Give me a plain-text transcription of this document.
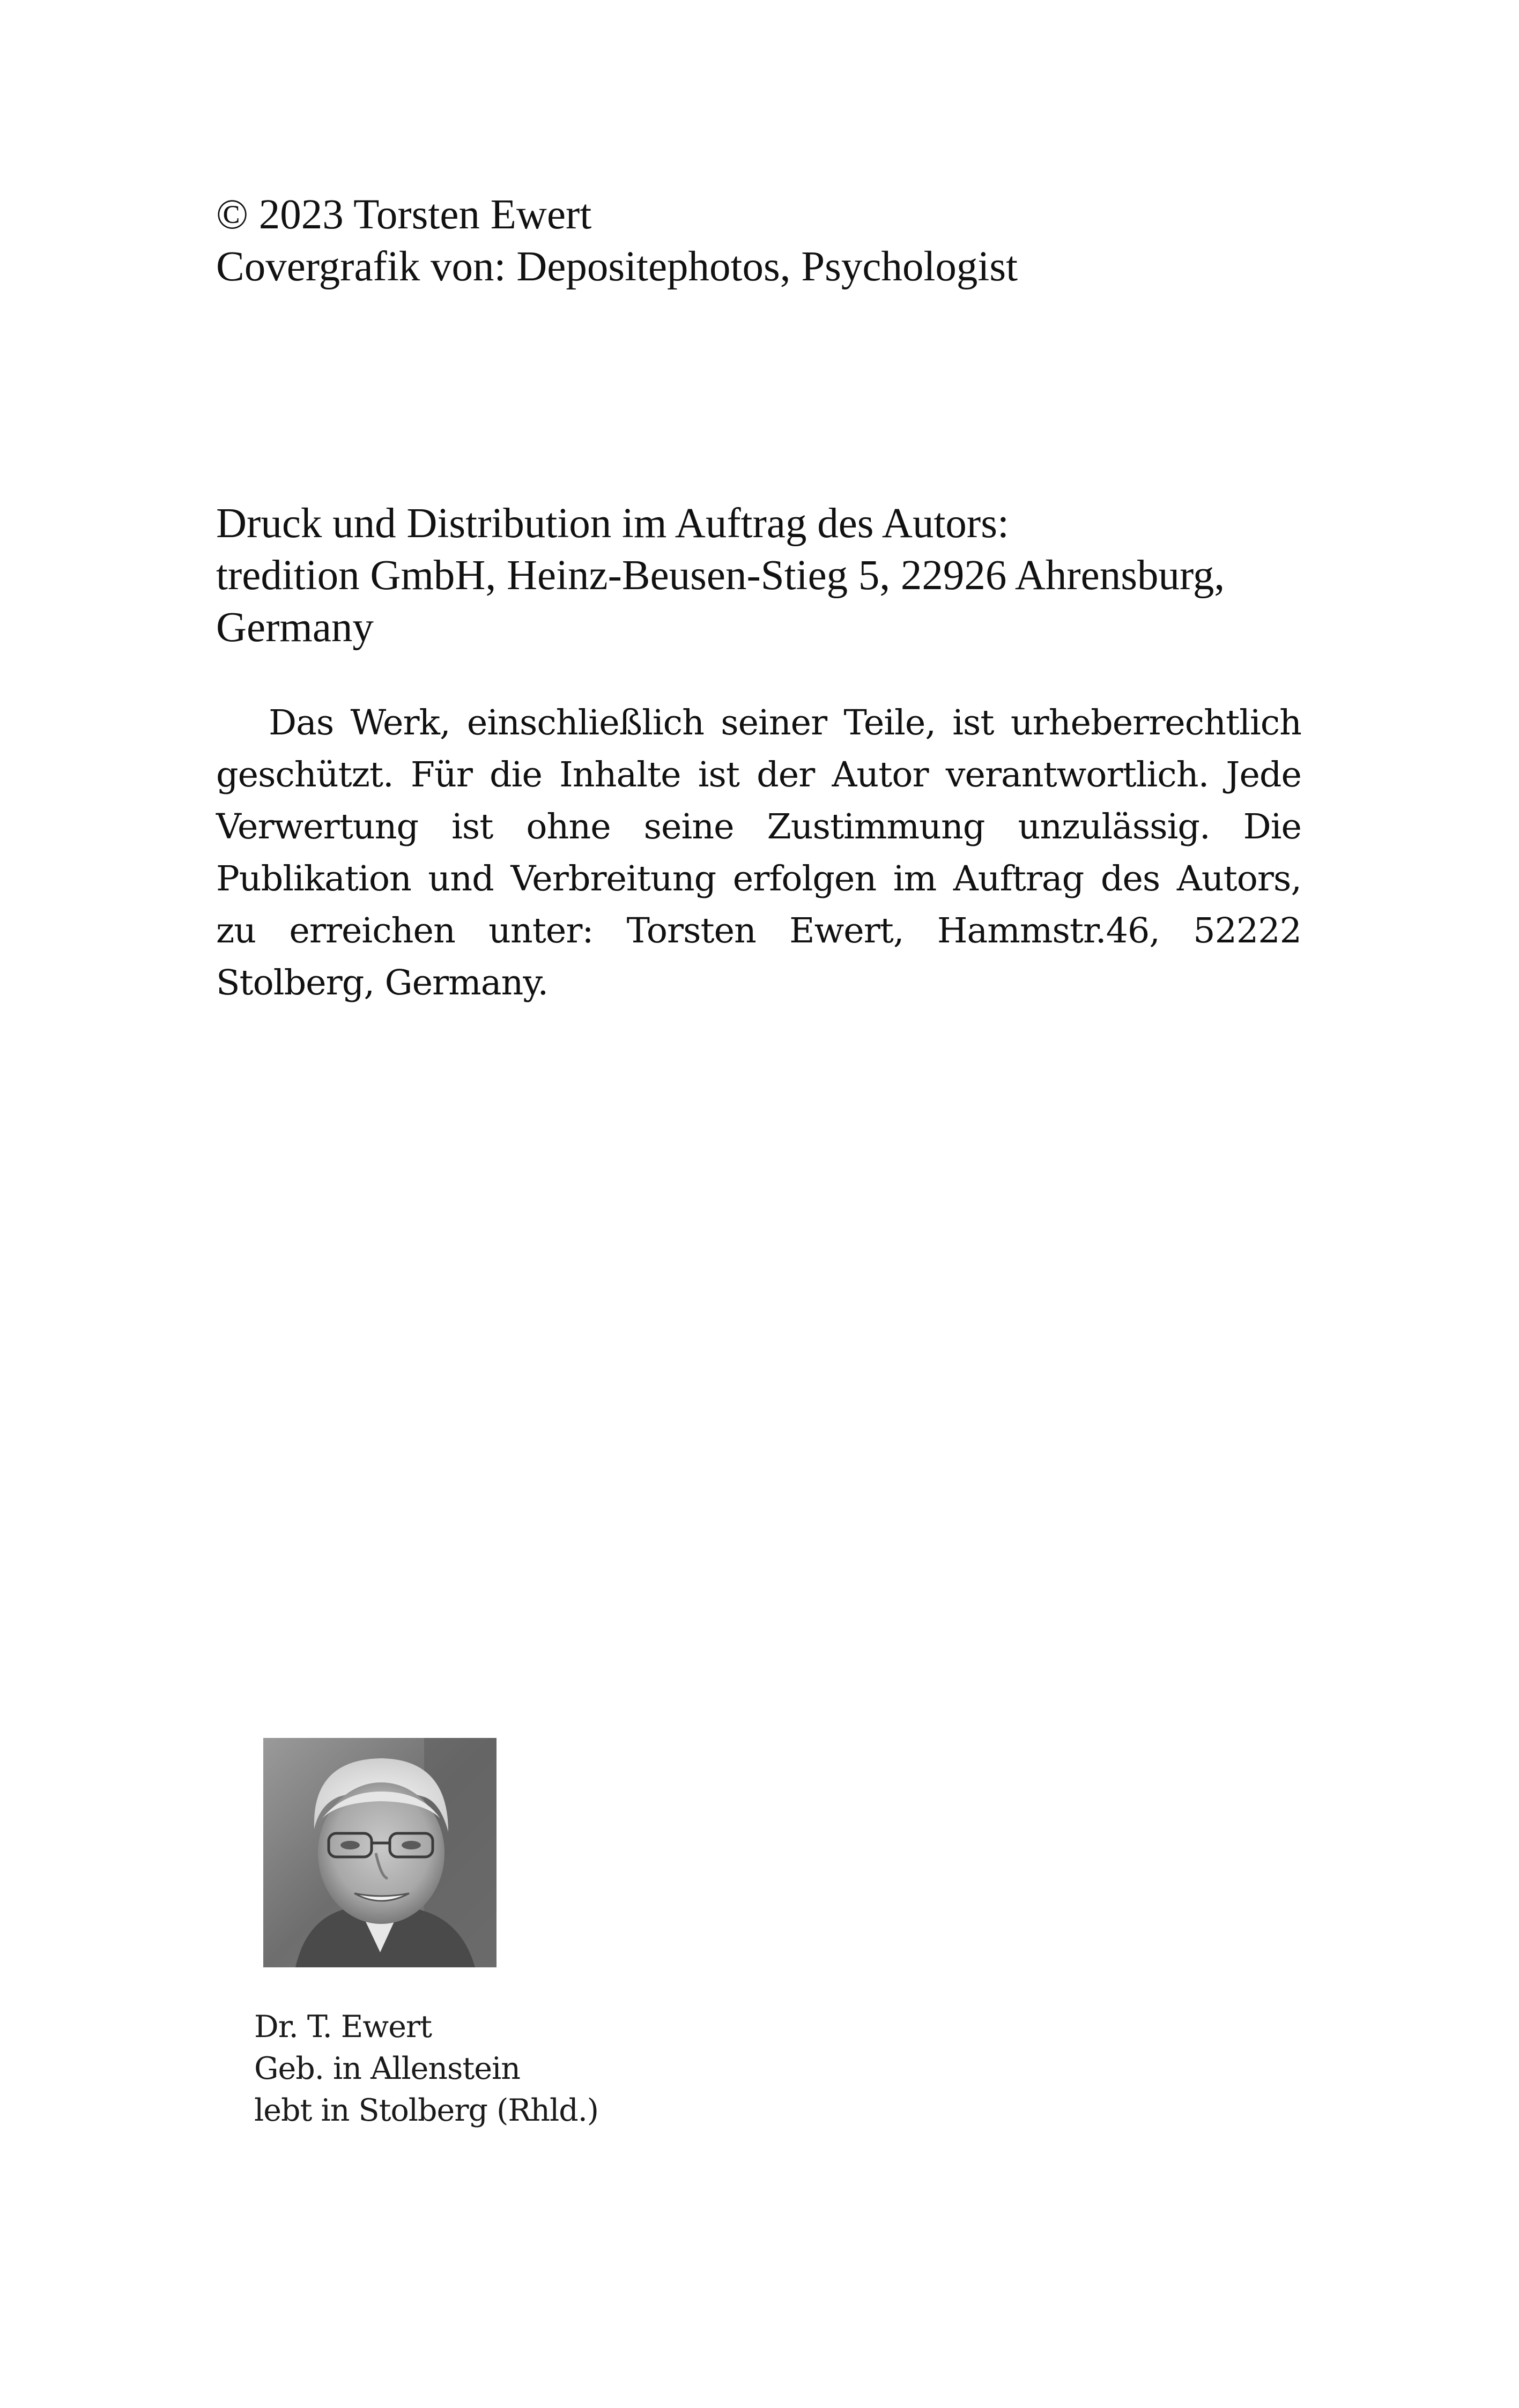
© 2023 Torsten Ewert
Covergrafik von: Depositephotos, Psychologist
Druck und Distribution im Auftrag des Autors:
tredition GmbH, Heinz-Beusen-Stieg 5, 22926 Ahrensburg,
Germany
Das Werk, einschließlich seiner Teile, ist urheberrechtlich geschützt. Für die Inhalte ist der Autor verantwortlich. Jede Verwertung ist ohne seine Zustimmung unzulässig. Die Publikation und Verbreitung erfolgen im Auftrag des Autors, zu erreichen unter: Torsten Ewert, Hammstr.46, 52222 Stolberg, Germany.
Dr. T. Ewert
Geb. in Allenstein
lebt in Stolberg (Rhld.)
